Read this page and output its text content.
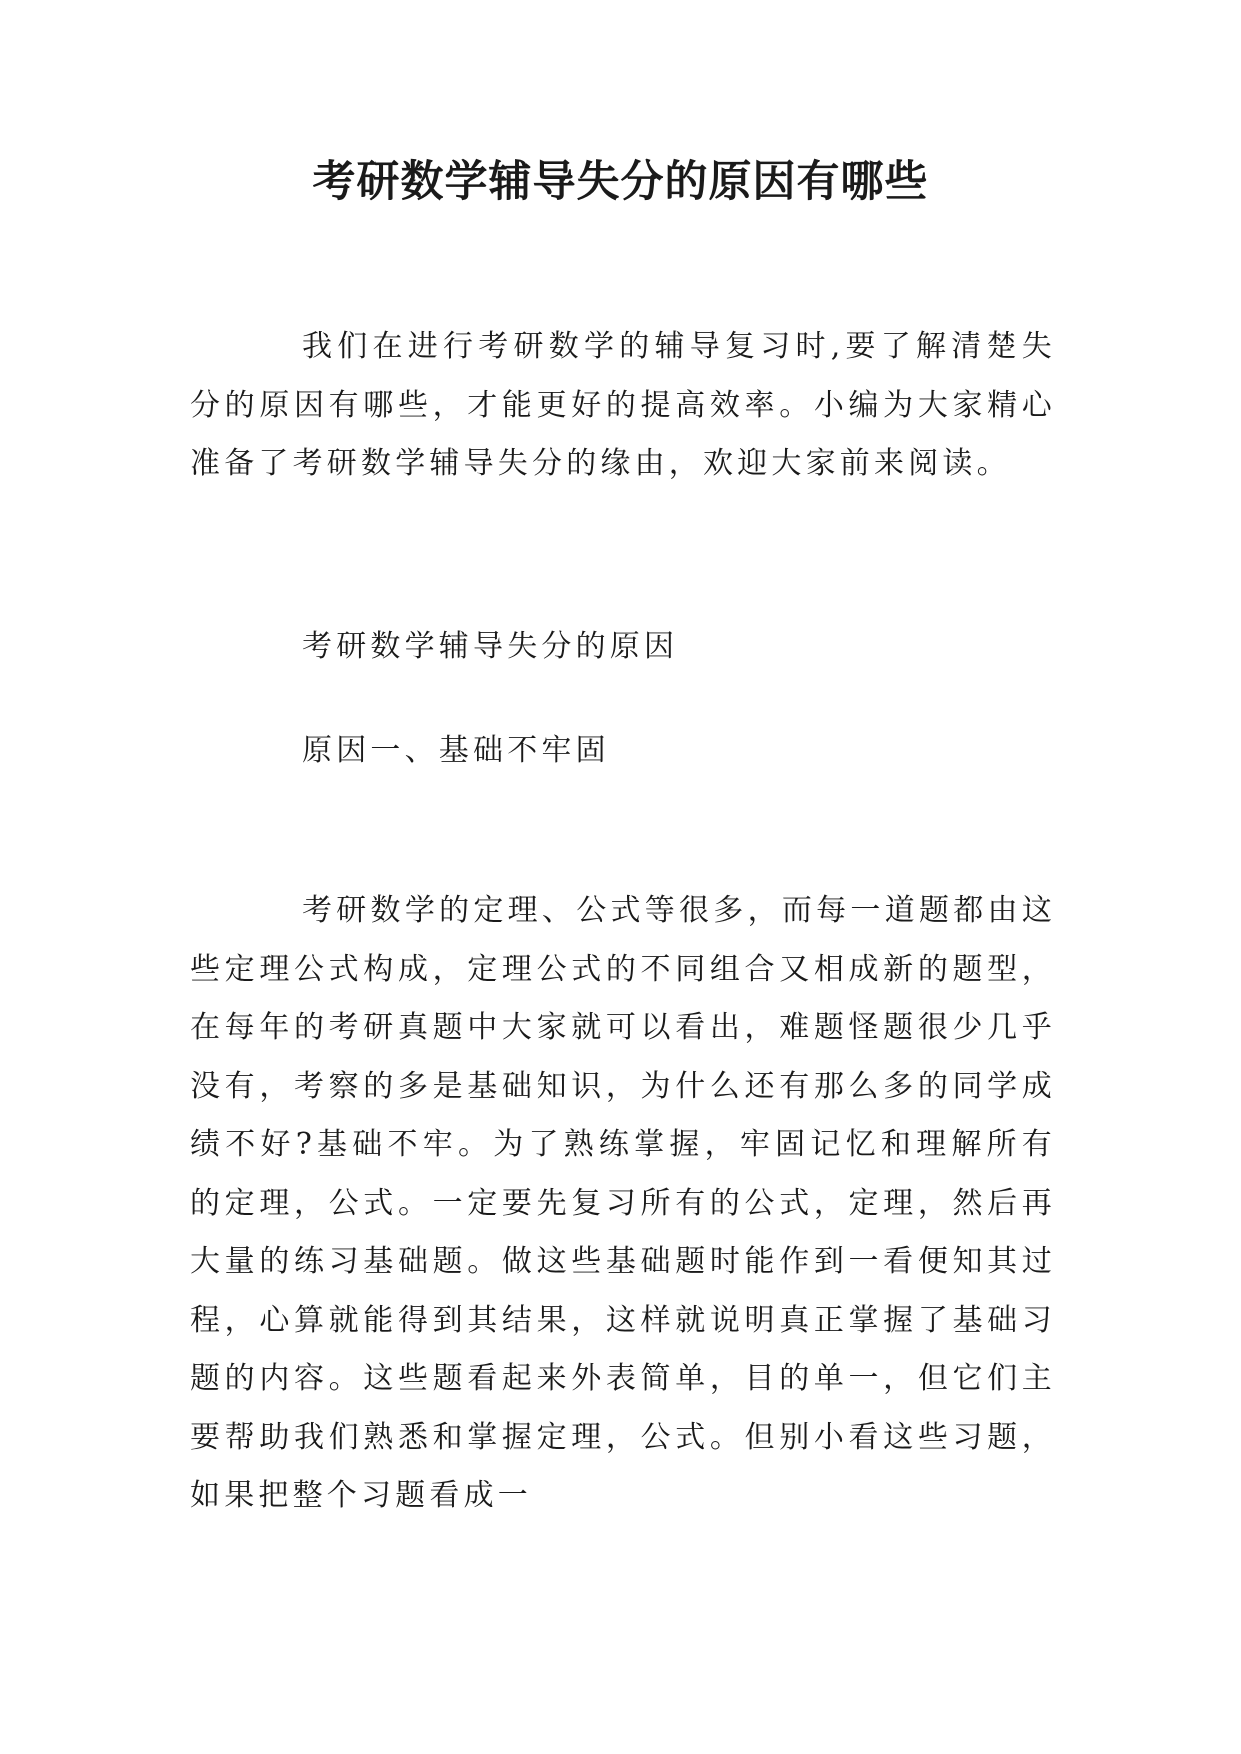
考研数学辅导失分的原因有哪些

我们在进行考研数学的辅导复习时,要了解清楚失分的原因有哪些，才能更好的提高效率。小编为大家精心准备了考研数学辅导失分的缘由，欢迎大家前来阅读。

考研数学辅导失分的原因

原因一、基础不牢固

考研数学的定理、公式等很多，而每一道题都由这些定理公式构成，定理公式的不同组合又相成新的题型，在每年的考研真题中大家就可以看出，难题怪题很少几乎没有，考察的多是基础知识，为什么还有那么多的同学成绩不好?基础不牢。为了熟练掌握，牢固记忆和理解所有的定理，公式。一定要先复习所有的公式，定理，然后再大量的练习基础题。做这些基础题时能作到一看便知其过程，心算就能得到其结果，这样就说明真正掌握了基础习题的内容。这些题看起来外表简单，目的单一，但它们主要帮助我们熟悉和掌握定理，公式。但别小看这些习题，如果把整个习题看成一
